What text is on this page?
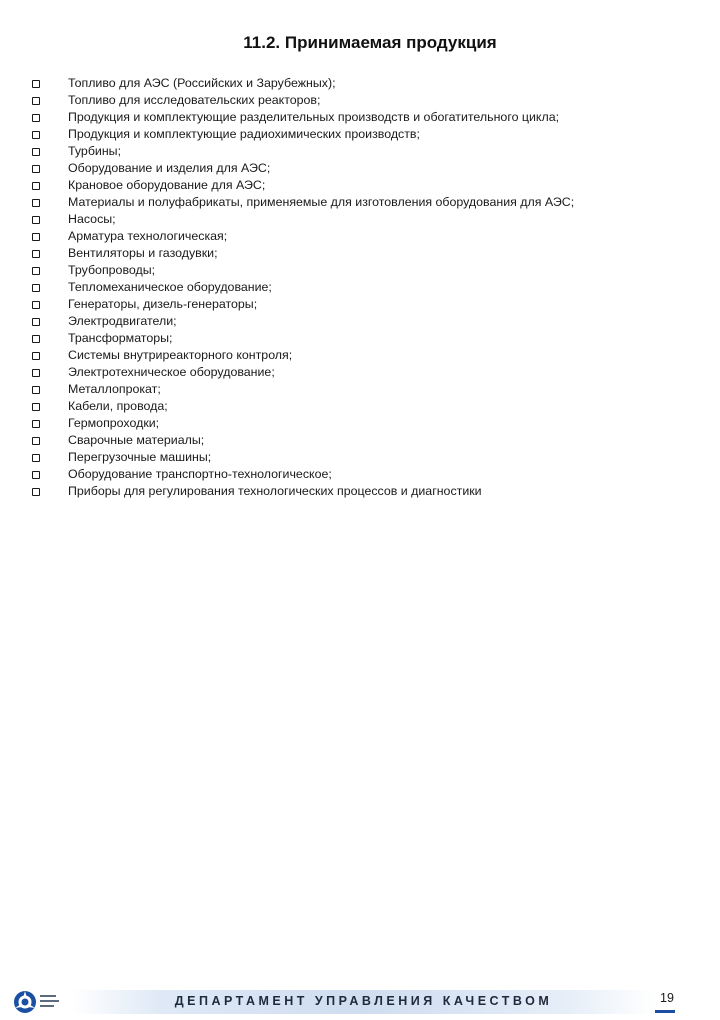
11.2. Принимаемая продукция
Топливо для АЭС (Российских и Зарубежных);
Топливо для исследовательских реакторов;
Продукция и комплектующие разделительных производств и обогатительного цикла;
Продукция и комплектующие радиохимических производств;
Турбины;
Оборудование и изделия для АЭС;
Крановое оборудование для АЭС;
Материалы и полуфабрикаты, применяемые для изготовления оборудования для АЭС;
Насосы;
Арматура технологическая;
Вентиляторы и газодувки;
Трубопроводы;
Тепломеханическое оборудование;
Генераторы, дизель-генераторы;
Электродвигатели;
Трансформаторы;
Системы внутриреакторного контроля;
Электротехническое оборудование;
Металлопрокат;
Кабели, провода;
Гермопроходки;
Сварочные материалы;
Перегрузочные машины;
Оборудование транспортно-технологическое;
Приборы для регулирования технологических процессов и диагностики
ДЕПАРТАМЕНТ УПРАВЛЕНИЯ КАЧЕСТВОМ	19
